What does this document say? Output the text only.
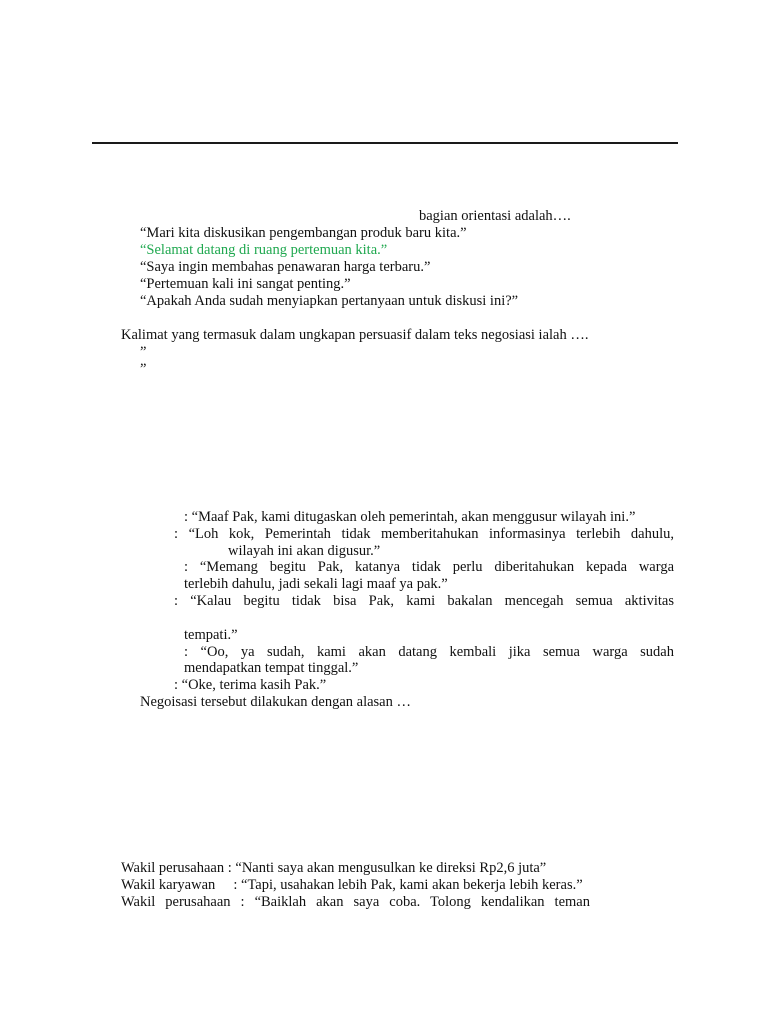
bagian orientasi adalah….
“Mari kita diskusikan pengembangan produk baru kita.”
“Selamat datang di ruang pertemuan kita.”
“Saya ingin membahas penawaran harga terbaru.”
“Pertemuan kali ini sangat penting.”
“Apakah Anda sudah menyiapkan pertanyaan untuk diskusi ini?”
Kalimat yang termasuk dalam ungkapan persuasif dalam teks negosiasi ialah ….
”
”
: “Maaf Pak, kami ditugaskan oleh pemerintah, akan menggusur wilayah ini.”
: “Loh kok, Pemerintah tidak memberitahukan informasinya terlebih dahulu,
wilayah ini akan digusur.”
: “Memang begitu Pak, katanya tidak perlu diberitahukan kepada warga
terlebih dahulu, jadi sekali lagi maaf ya pak.”
: “Kalau begitu tidak bisa Pak, kami bakalan mencegah semua aktivitas
tempati.”
: “Oo, ya sudah, kami akan datang kembali jika semua warga sudah
mendapatkan tempat tinggal.”
: “Oke, terima kasih Pak.”
Negoisasi tersebut dilakukan dengan alasan …
Wakil perusahaan : “Nanti saya akan mengusulkan ke direksi Rp2,6 juta”
Wakil karyawan     : “Tapi, usahakan lebih Pak, kami akan bekerja lebih keras.”
Wakil perusahaan : “Baiklah akan saya coba. Tolong kendalikan teman
